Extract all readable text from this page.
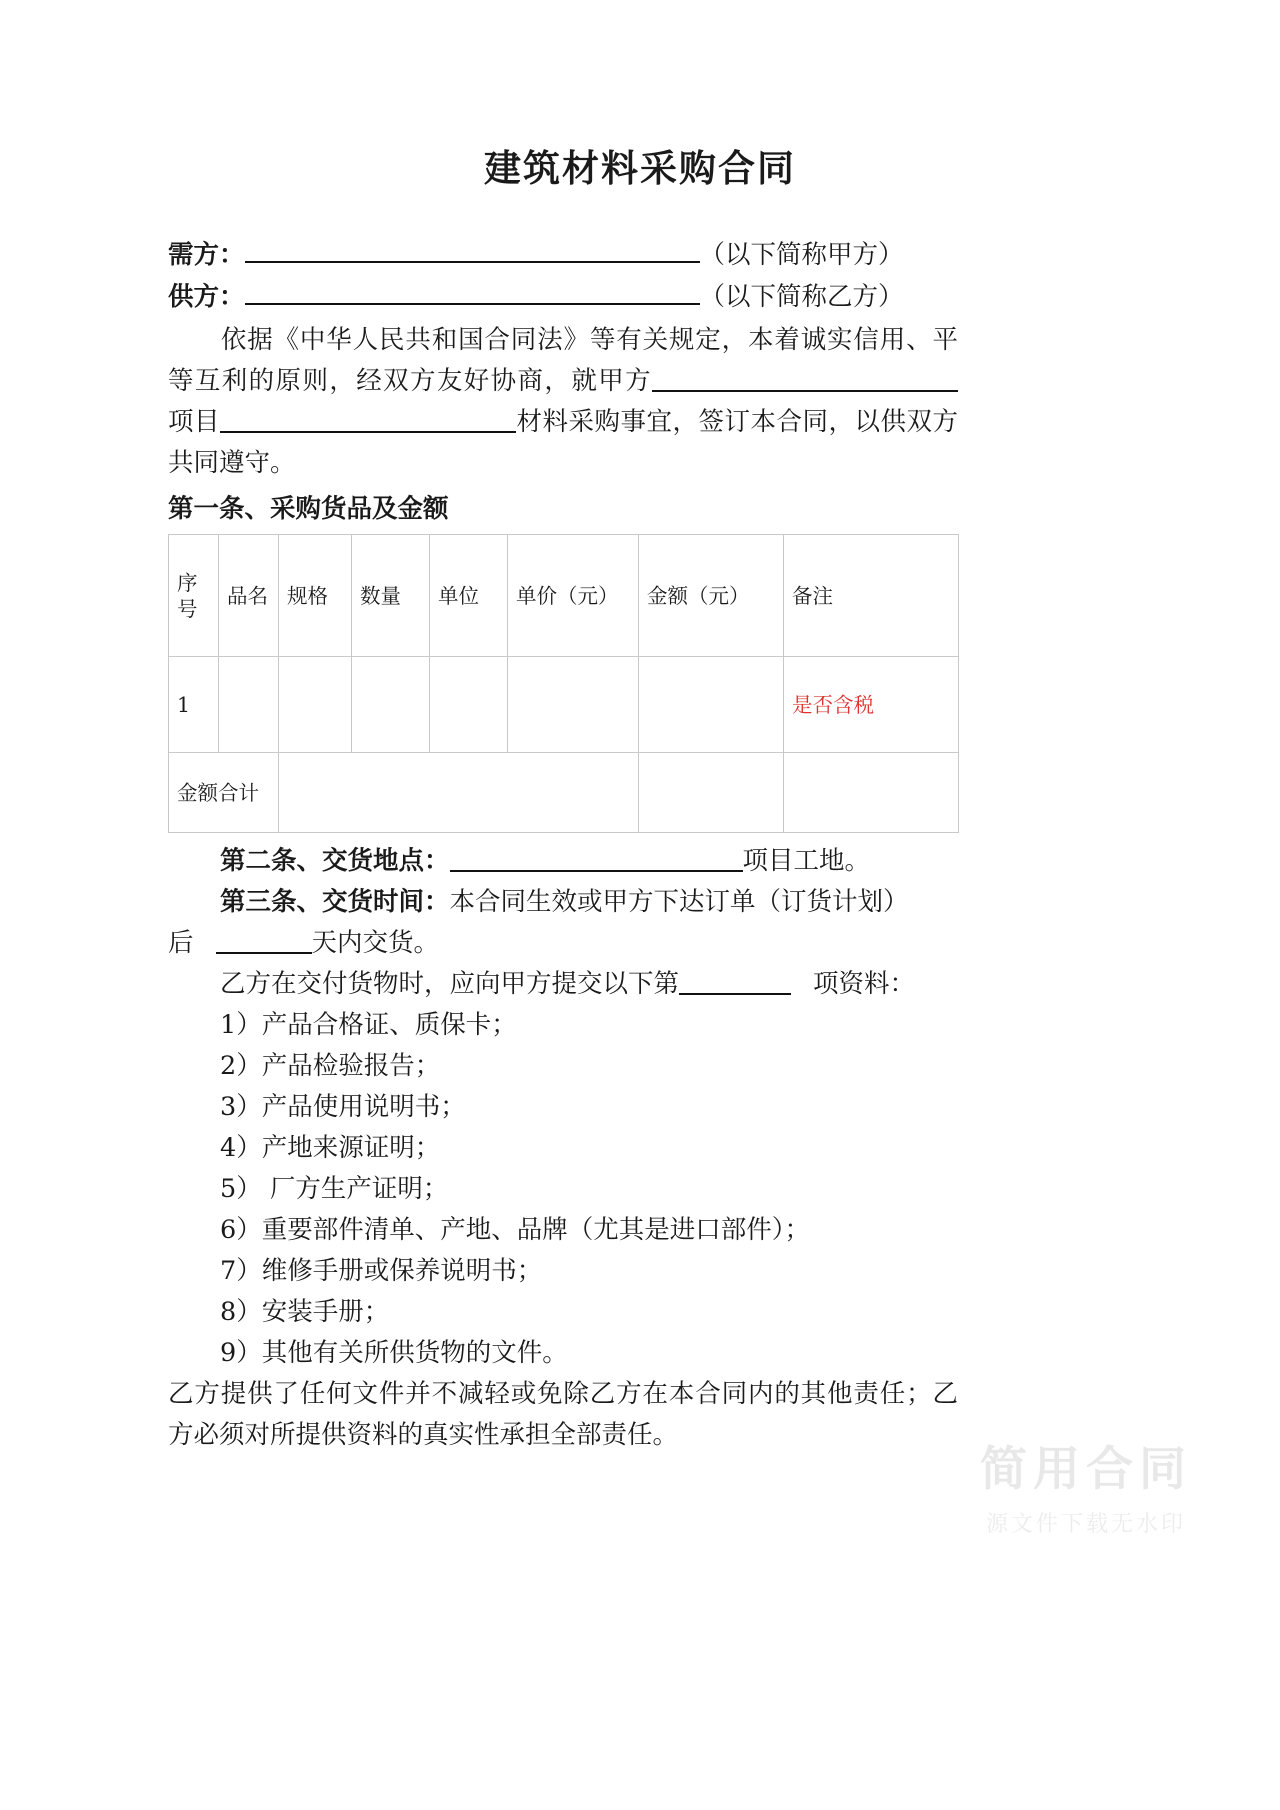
建筑材料采购合同
需方：	（以下简称甲方）
供方：	（以下简称乙方）

依据《中华人民共和国合同法》等有关规定，本着诚实信用、平等互利的原则，经双方友好协商，就甲方项目	材料采购事宜，签订本合同，以供双方共同遵守。

第一条、采购货品及金额
序号	品名	规格	数量	单位	单价（元）	金额（元）	备注
1							是否含税
金额合计							
第二条、交货地点：	项目工地。
第三条、交货时间：本合同生效或甲方下达订单（订货计划）
后	天内交货。
乙方在交付货物时，应向甲方提交以下第	项资料：
1）产品合格证、质保卡；
2）产品检验报告；
3）产品使用说明书；
4）产地来源证明；
5） 厂方生产证明；
6）重要部件清单、产地、品牌（尤其是进口部件）；
7）维修手册或保养说明书；
8）安装手册；
9）其他有关所供货物的文件。

乙方提供了任何文件并不减轻或免除乙方在本合同内的其他责任；乙方必须对所提供资料的真实性承担全部责任。

简用合同
源文件下载无水印
